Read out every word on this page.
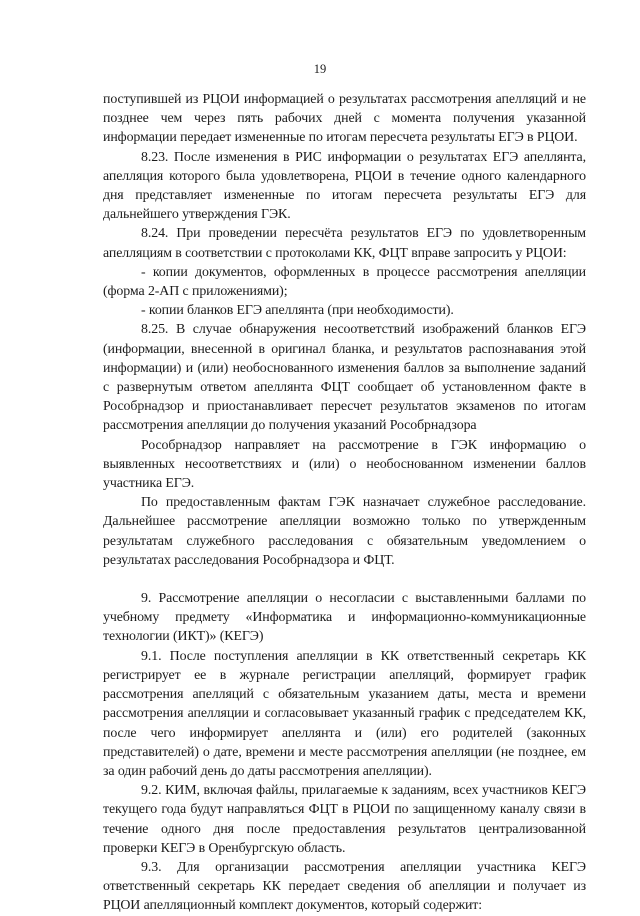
19

поступившей из РЦОИ информацией о результатах рассмотрения апелляций и не позднее чем через пять рабочих дней с момента получения указанной информации передает измененные по итогам пересчета результаты ЕГЭ в РЦОИ.

8.23. После изменения в РИС информации о результатах ЕГЭ апеллянта, апелляция которого была удовлетворена, РЦОИ в течение одного календарного дня представляет измененные по итогам пересчета результаты ЕГЭ для дальнейшего утверждения ГЭК.

8.24. При проведении пересчёта результатов ЕГЭ по удовлетворенным апелляциям в соответствии с протоколами КК, ФЦТ вправе запросить у РЦОИ:

- копии документов, оформленных в процессе рассмотрения апелляции (форма 2-АП с приложениями);

- копии бланков ЕГЭ апеллянта (при необходимости).

8.25. В случае обнаружения несоответствий изображений бланков ЕГЭ (информации, внесенной в оригинал бланка, и результатов распознавания этой информации) и (или) необоснованного изменения баллов за выполнение заданий с развернутым ответом апеллянта ФЦТ сообщает об установленном факте в Рособрнадзор и приостанавливает пересчет результатов экзаменов по итогам рассмотрения апелляции до получения указаний Рособрнадзора

Рособрнадзор направляет на рассмотрение в ГЭК информацию о выявленных несоответствиях и (или) о необоснованном изменении баллов участника ЕГЭ.

По предоставленным фактам ГЭК назначает служебное расследование. Дальнейшее рассмотрение апелляции возможно только по утвержденным результатам служебного расследования с обязательным уведомлением о результатах расследования Рособрнадзора и ФЦТ.

9. Рассмотрение апелляции о несогласии с выставленными баллами по учебному предмету «Информатика и информационно-коммуникационные технологии (ИКТ)» (КЕГЭ)

9.1. После поступления апелляции в КК ответственный секретарь КК регистрирует ее в журнале регистрации апелляций, формирует график рассмотрения апелляций с обязательным указанием даты, места и времени рассмотрения апелляции и согласовывает указанный график с председателем КК, после чего информирует апеллянта и (или) его родителей (законных представителей) о дате, времени и месте рассмотрения апелляции (не позднее, ем за один рабочий день до даты рассмотрения апелляции).

9.2. КИМ, включая файлы, прилагаемые к заданиям, всех участников КЕГЭ текущего года будут направляться ФЦТ в РЦОИ по защищенному каналу связи в течение одного дня после предоставления результатов централизованной проверки КЕГЭ в Оренбургскую область.

9.3. Для организации рассмотрения апелляции участника КЕГЭ ответственный секретарь КК передает сведения об апелляции и получает из РЦОИ апелляционный комплект документов, который содержит:
